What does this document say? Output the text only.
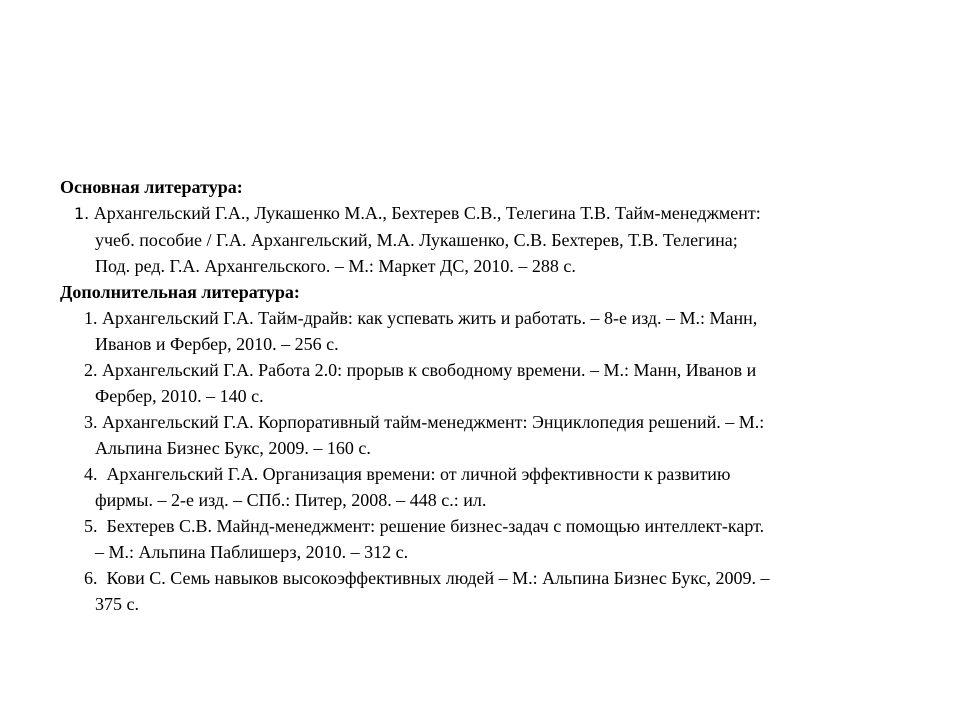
Основная литература:
1. Архангельский Г.А., Лукашенко М.А., Бехтерев С.В., Телегина Т.В. Тайм-менеджмент:
учеб. пособие / Г.А. Архангельский, М.А. Лукашенко, С.В. Бехтерев, Т.В. Телегина;
Под. ред. Г.А. Архангельского. – М.: Маркет ДС, 2010. – 288 с.
Дополнительная литература:
1. Архангельский Г.А. Тайм-драйв: как успевать жить и работать. – 8-е изд. – М.: Манн,
Иванов и Фербер, 2010. – 256 с.
2. Архангельский Г.А. Работа 2.0: прорыв к свободному времени. – М.: Манн, Иванов и
Фербер, 2010. – 140 с.
3. Архангельский Г.А. Корпоративный тайм-менеджмент: Энциклопедия решений. – М.:
Альпина Бизнес Букс, 2009. – 160 с.
4.  Архангельский Г.А. Организация времени: от личной эффективности к развитию
фирмы. – 2-е изд. – СПб.: Питер, 2008. – 448 с.: ил.
5.  Бехтерев С.В. Майнд-менеджмент: решение бизнес-задач с помощью интеллект-карт.
– М.: Альпина Паблишерз, 2010. – 312 с.
6.  Кови С. Семь навыков высокоэффективных людей – М.: Альпина Бизнес Букс, 2009. –
375 с.
